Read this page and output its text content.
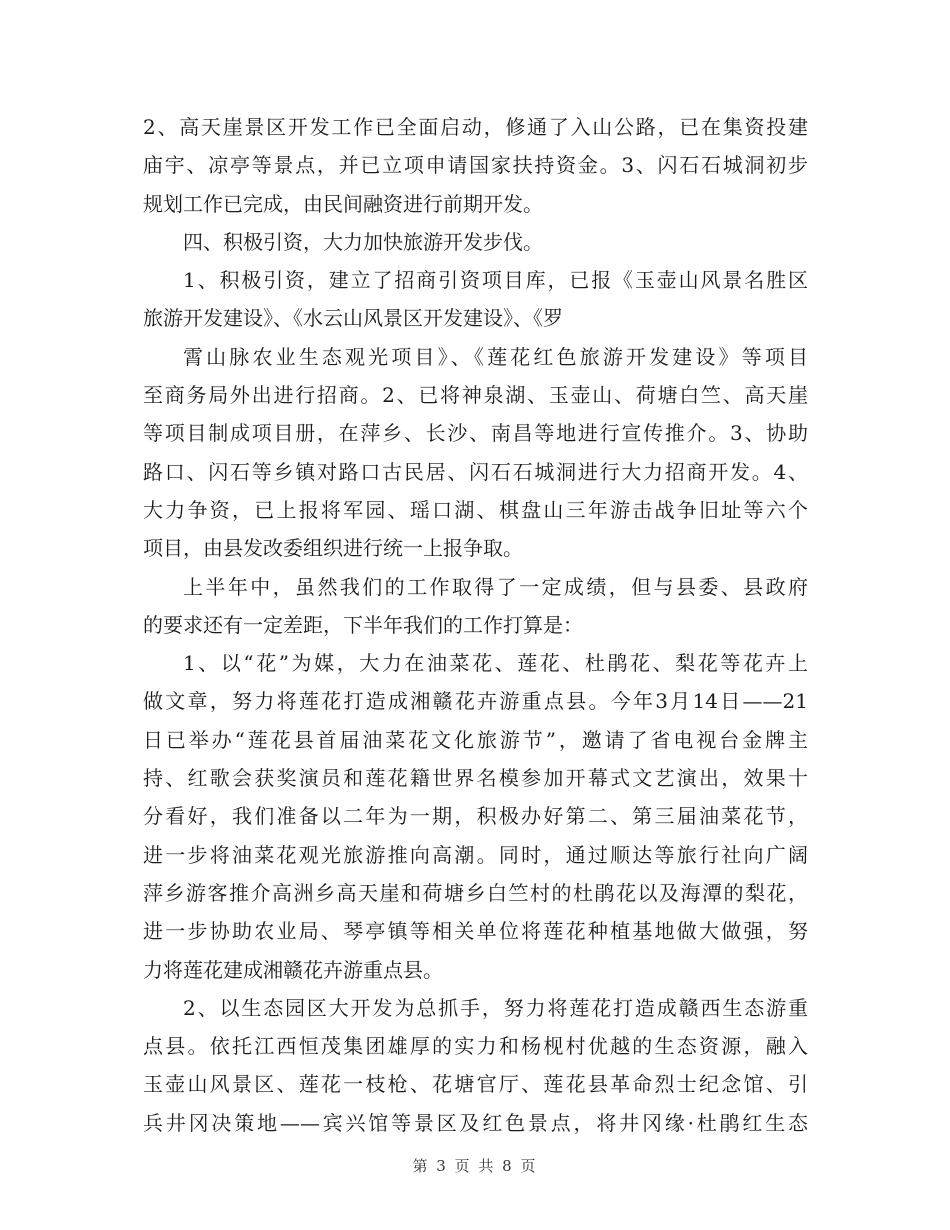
2、高天崖景区开发工作已全面启动，修通了入山公路，已在集资投建
庙宇、凉亭等景点，并已立项申请国家扶持资金。3、闪石石城洞初步
规划工作已完成，由民间融资进行前期开发。
四、积极引资，大力加快旅游开发步伐。
1、积极引资，建立了招商引资项目库，已报《玉壶山风景名胜区
旅游开发建设》、《水云山风景区开发建设》、《罗
霄山脉农业生态观光项目》、《莲花红色旅游开发建设》等项目
至商务局外出进行招商。2、已将神泉湖、玉壶山、荷塘白竺、高天崖
等项目制成项目册，在萍乡、长沙、南昌等地进行宣传推介。3、协助
路口、闪石等乡镇对路口古民居、闪石石城洞进行大力招商开发。4、
大力争资，已上报将军园、瑶口湖、棋盘山三年游击战争旧址等六个
项目，由县发改委组织进行统一上报争取。
上半年中，虽然我们的工作取得了一定成绩，但与县委、县政府
的要求还有一定差距，下半年我们的工作打算是：
1、以“花”为媒，大力在油菜花、莲花、杜鹃花、梨花等花卉上
做文章，努力将莲花打造成湘赣花卉游重点县。今年3月14日——21
日已举办“莲花县首届油菜花文化旅游节”，邀请了省电视台金牌主
持、红歌会获奖演员和莲花籍世界名模参加开幕式文艺演出，效果十
分看好，我们准备以二年为一期，积极办好第二、第三届油菜花节，
进一步将油菜花观光旅游推向高潮。同时，通过顺达等旅行社向广阔
萍乡游客推介高洲乡高天崖和荷塘乡白竺村的杜鹃花以及海潭的梨花，
进一步协助农业局、琴亭镇等相关单位将莲花种植基地做大做强，努
力将莲花建成湘赣花卉游重点县。
2、以生态园区大开发为总抓手，努力将莲花打造成赣西生态游重
点县。依托江西恒茂集团雄厚的实力和杨枧村优越的生态资源，融入
玉壶山风景区、莲花一枝枪、花塘官厅、莲花县革命烈士纪念馆、引
兵井冈决策地——宾兴馆等景区及红色景点，将井冈缘·杜鹃红生态
第 3 页 共 8 页
